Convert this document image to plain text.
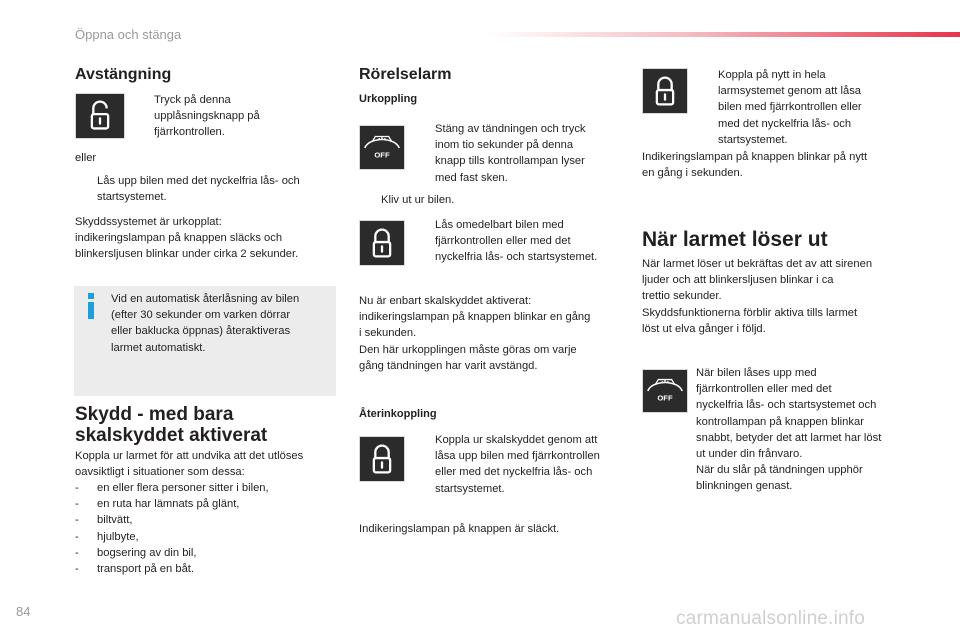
Öppna och stänga
Avstängning
Tryck på denna
upplåsningsknapp på
fjärrkontrollen.
eller
Lås upp bilen med det nyckelfria lås- och
startsystemet.
Skyddssystemet är urkopplat:
indikeringslampan på knappen släcks och
blinkersljusen blinkar under cirka 2 sekunder.
Vid en automatisk återlåsning av bilen
(efter 30 sekunder om varken dörrar
eller baklucka öppnas) återaktiveras
larmet automatiskt.
Skydd - med bara
skalskyddet aktiverat
Koppla ur larmet för att undvika att det utlöses
oavsiktligt i situationer som dessa:
- en eller flera personer sitter i bilen,
- en ruta har lämnats på glänt,
- biltvätt,
- hjulbyte,
- bogsering av din bil,
- transport på en båt.
Rörelselarm
Urkoppling
OFF
Stäng av tändningen och tryck
inom tio sekunder på denna
knapp tills kontrollampan lyser
med fast sken.
Kliv ut ur bilen.
Lås omedelbart bilen med
fjärrkontrollen eller med det
nyckelfria lås- och startsystemet.
Nu är enbart skalskyddet aktiverat:
indikeringslampan på knappen blinkar en gång
i sekunden.
Den här urkopplingen måste göras om varje
gång tändningen har varit avstängd.
Återinkoppling
Koppla ur skalskyddet genom att
låsa upp bilen med fjärrkontrollen
eller med det nyckelfria lås- och
startsystemet.
Indikeringslampan på knappen är släckt.
Koppla på nytt in hela
larmsystemet genom att låsa
bilen med fjärrkontrollen eller
med det nyckelfria lås- och
startsystemet.
Indikeringslampan på knappen blinkar på nytt
en gång i sekunden.
När larmet löser ut
När larmet löser ut bekräftas det av att sirenen
ljuder och att blinkersljusen blinkar i ca
trettio sekunder.
Skyddsfunktionerna förblir aktiva tills larmet
löst ut elva gånger i följd.
OFF
När bilen låses upp med
fjärrkontrollen eller med det
nyckelfria lås- och startsystemet och
kontrollampan på knappen blinkar
snabbt, betyder det att larmet har löst
ut under din frånvaro.
När du slår på tändningen upphör
blinkningen genast.
84	carmanualsonline.info
